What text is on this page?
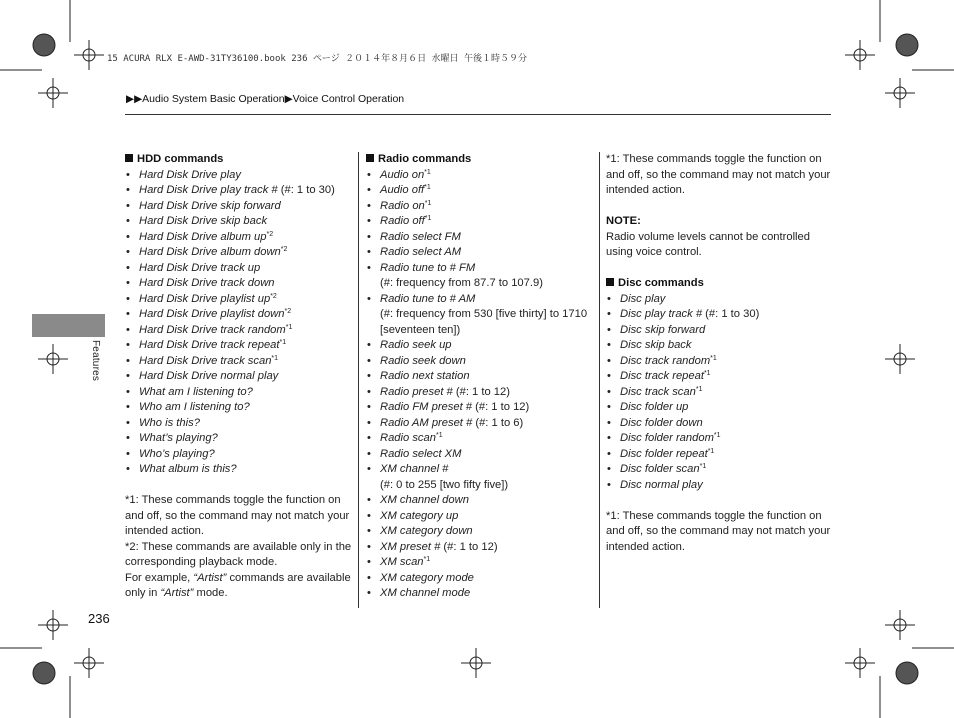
15 ACURA RLX E-AWD-31TY36100.book 236 ページ ２０１４年８月６日 水曜日 午後１時５９分
▶▶Audio System Basic Operation▶Voice Control Operation
Features
HDD commands
• Hard Disk Drive play
• Hard Disk Drive play track # (#: 1 to 30)
• Hard Disk Drive skip forward
• Hard Disk Drive skip back
• Hard Disk Drive album $up^{*2}$
• Hard Disk Drive album down$^{*2}$
• Hard Disk Drive track up
• Hard Disk Drive track down
• Hard Disk Drive playlist $up^{*2}$
• Hard Disk Drive playlist down$^{*2}$
• Hard Disk Drive track random$^{*1}$
• Hard Disk Drive track repeat$^{*1}$
• Hard Disk Drive track scan$^{*1}$
• Hard Disk Drive normal play
• What am I listening to?
• Who am I listening to?
• Who is this?
• What’s playing?
• Who’s playing?
• What album is this?
*1: These commands toggle the function on and off, so the command may not match your intended action.
*2: These commands are available only in the corresponding playback mode.
For example, “Artist” commands are available only in “Artist” mode.
Radio commands
• Audio $on^{*1}$
• Audio off$^{*1}$
• Radio $on^{*1}$
• Radio off$^{*1}$
• Radio select FM
• Radio select AM
• Radio tune to # FM
(#: frequency from 87.7 to 107.9)
• Radio tune to # AM
(#: frequency from 530 [five thirty] to 1710 [seventeen ten])
• Radio seek up
• Radio seek down
• Radio next station
• Radio preset # (#: 1 to 12)
• Radio FM preset # (#: 1 to 12)
• Radio AM preset # (#: 1 to 6)
• Radio scan$^{*1}$
• Radio select XM
• XM channel #
(#: 0 to 255 [two fifty five])
• XM channel down
• XM category up
• XM category down
• XM preset # (#: 1 to 12)
• XM scan$^{*1}$
• XM category mode
• XM channel mode
*1: These commands toggle the function on and off, so the command may not match your intended action.
NOTE:
Radio volume levels cannot be controlled using voice control.
Disc commands
• Disc play
• Disc play track # (#: 1 to 30)
• Disc skip forward
• Disc skip back
• Disc track random$^{*1}$
• Disc track repeat$^{*1}$
• Disc track scan$^{*1}$
• Disc folder up
• Disc folder down
• Disc folder random$^{*1}$
• Disc folder repeat$^{*1}$
• Disc folder scan$^{*1}$
• Disc normal play
*1: These commands toggle the function on and off, so the command may not match your intended action.
236
